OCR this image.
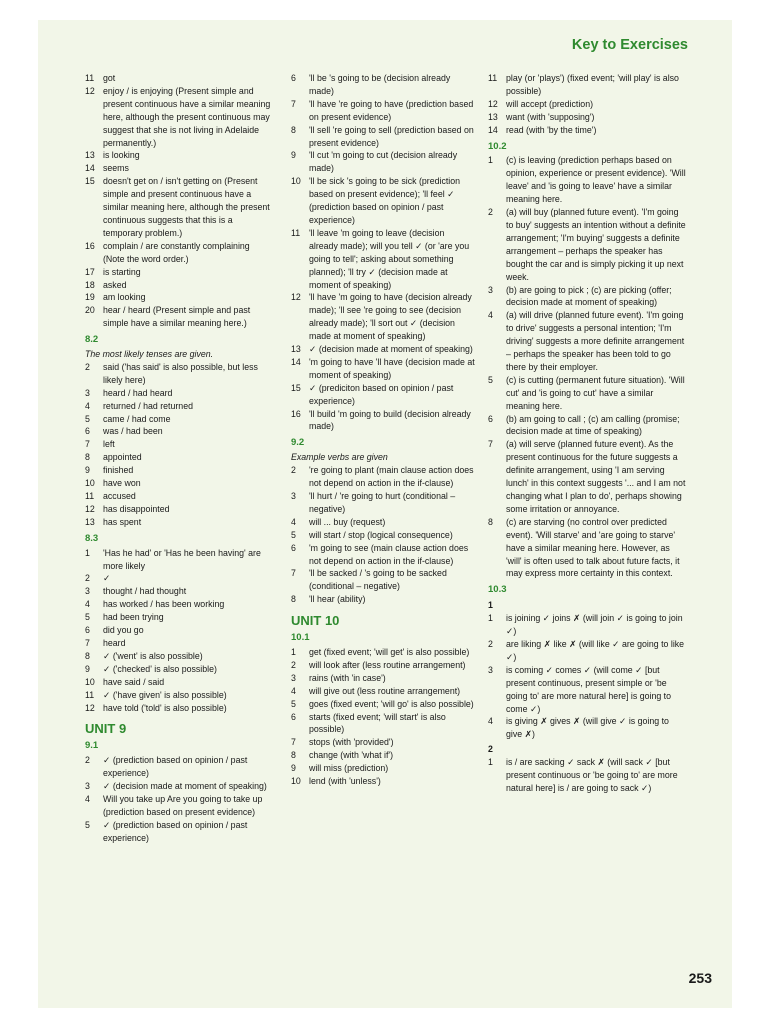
Key to Exercises
11	got
12 enjoy / is enjoying (Present simple and present continuous have a similar meaning here, although the present continuous may suggest that she is not living in Adelaide permanently.)
13 is looking
14 seems
15 doesn't get on / isn't getting on (Present simple and present continuous have a similar meaning here, although the present continuous suggests that this is a temporary problem.)
16 complain / are constantly complaining (Note the word order.)
17 is starting
18 asked
19 am looking
20 hear / heard (Present simple and past simple have a similar meaning here.)
8.2
The most likely tenses are given.
2	said ('has said' is also possible, but less likely here)
3	heard / had heard
4	returned / had returned
5	came / had come
6	was / had been
7	left
8	appointed
9	finished
10 have won
11	accused
12 has disappointed
13 has spent
8.3
1	'Has he had' or 'Has he been having' are more likely
2	✓
3	thought / had thought
4	has worked / has been working
5	had been trying
6	did you go
7	heard
8	✓ ('went' is also possible)
9	✓ ('checked' is also possible)
10 have said / said
11	✓ ('have given' is also possible)
12 have told ('told' is also possible)
UNIT 9
9.1
2	✓ (prediction based on opinion / past experience)
3	✓ (decision made at moment of speaking)
4	Will you take up Are you going to take up (prediction based on present evidence)
5	✓ (prediction based on opinion / past experience)
6	'll be 's going to be (decision already made)
7	'll have 're going to have (prediction based on present evidence)
8	'll sell 're going to sell (prediction based on present evidence)
9	'll cut 'm going to cut (decision already made)
10 'll be sick 's going to be sick (prediction based on present evidence); 'll feel ✓ (prediction based on opinion / past experience)
11	'll leave 'm going to leave (decision already made); will you tell ✓ (or 'are you going to tell'; asking about something planned); 'll try ✓ (decision made at moment of speaking)
12 'll have 'm going to have (decision already made); 'll see 're going to see (decision already made); 'll sort out ✓ (decision made at moment of speaking)
13 ✓ (decision made at moment of speaking)
14 'm going to have 'll have (decision made at moment of speaking)
15 ✓ (prediciton based on opinion / past experience)
16 'll build 'm going to build (decision already made)
9.2
Example verbs are given
2	're going to plant (main clause action does not depend on action in the if-clause)
3	'll hurt / 're going to hurt (conditional – negative)
4	will ... buy (request)
5	will start / stop (logical consequence)
6	'm going to see (main clause action does not depend on action in the if-clause)
7	'll be sacked / 's going to be sacked (conditional – negative)
8	'll hear (ability)
UNIT 10
10.1
1	get (fixed event; 'will get' is also possible)
2	will look after (less routine arrangement)
3	rains (with 'in case')
4	will give out (less routine arrangement)
5	goes (fixed event; 'will go' is also possible)
6	starts (fixed event; 'will start' is also possible)
7	stops (with 'provided')
8	change (with 'what if')
9	will miss (prediction)
10 lend (with 'unless')
11	play (or 'plays') (fixed event; 'will play' is also possible)
12 will accept (prediction)
13 want (with 'supposing')
14 read (with 'by the time')
10.2
1	(c) is leaving (prediction perhaps based on opinion, experience or present evidence). 'Will leave' and 'is going to leave' have a similar meaning here.
2	(a) will buy (planned future event). 'I'm going to buy' suggests an intention without a definite arrangement; 'I'm buying' suggests a definite arrangement – perhaps the speaker has bought the car and is simply picking it up next week.
3	(b) are going to pick ; (c) are picking (offer; decision made at moment of speaking)
4	(a) will drive (planned future event). 'I'm going to drive' suggests a personal intention; 'I'm driving' suggests a more definite arrangement – perhaps the speaker has been told to go there by their employer.
5	(c) is cutting (permanent future situation). 'Will cut' and 'is going to cut' have a similar meaning here.
6	(b) am going to call ; (c) am calling (promise; decision made at time of speaking)
7	(a) will serve (planned future event). As the present continuous for the future suggests a definite arrangement, using 'I am serving lunch' in this context suggests '... and I am not changing what I plan to do', perhaps showing some irritation or annoyance.
8	(c) are starving (no control over predicted event). 'Will starve' and 'are going to starve' have a similar meaning here. However, as 'will' is often used to talk about future facts, it may express more certainty in this context.
10.3
1
1	is joining ✓ joins ✗ (will join ✓ is going to join ✓)
2	are liking ✗ like ✗ (will like ✓ are going to like ✓)
3	is coming ✓ comes ✓ (will come ✓ [but present continuous, present simple or 'be going to' are more natural here] is going to come ✓)
4	is giving ✗ gives ✗ (will give ✓ is going to give ✗)
2
1	is / are sacking ✓ sack ✗ (will sack ✓ [but present continuous or 'be going to' are more natural here] is / are going to sack ✓)
253
